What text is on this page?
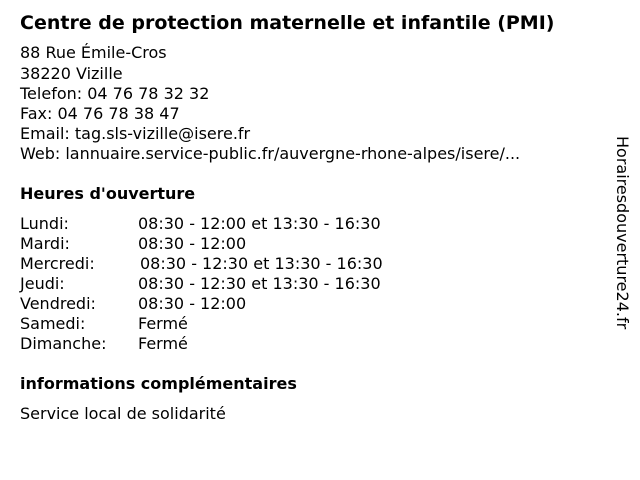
Centre de protection maternelle et infantile (PMI)
88 Rue Émile-Cros
38220 Vizille
Telefon: 04 76 78 32 32
Fax: 04 76 78 38 47
Email: tag.sls-vizille@isere.fr
Web: lannuaire.service-public.fr/auvergne-rhone-alpes/isere/...
Heures d'ouverture
Lundi:	08:30 - 12:00 et 13:30 - 16:30
Mardi:	08:30 - 12:00
Mercredi:	08:30 - 12:30 et 13:30 - 16:30
Jeudi:	08:30 - 12:30 et 13:30 - 16:30
Vendredi:	08:30 - 12:00
Samedi:	Fermé
Dimanche: Fermé
informations complémentaires
Service local de solidarité
Horairesdouverture24.fr
